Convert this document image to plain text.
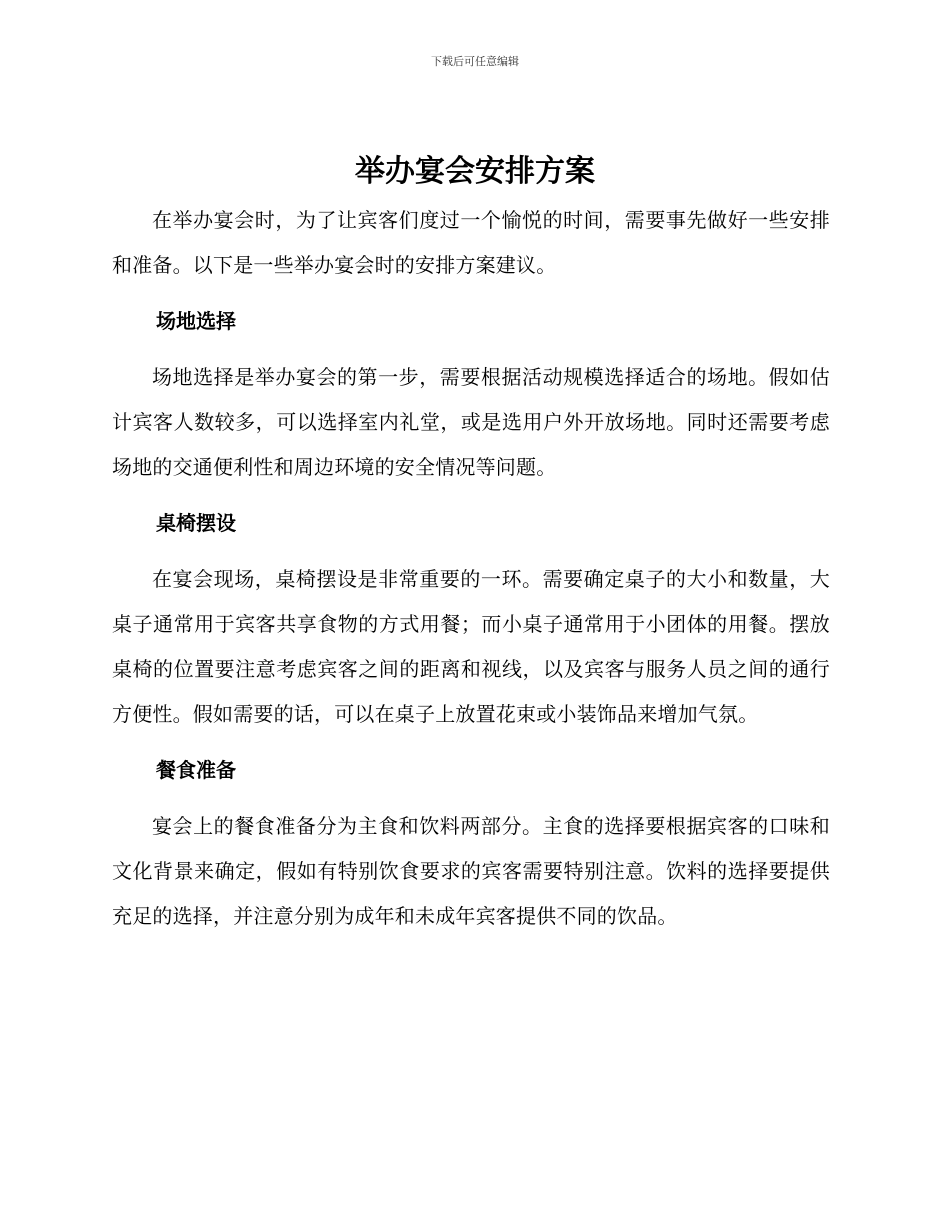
下载后可任意编辑
举办宴会安排方案

在举办宴会时，为了让宾客们度过一个愉悦的时间，需要事先做好一些安排和准备。以下是一些举办宴会时的安排方案建议。

场地选择

场地选择是举办宴会的第一步，需要根据活动规模选择适合的场地。假如估计宾客人数较多，可以选择室内礼堂，或是选用户外开放场地。同时还需要考虑场地的交通便利性和周边环境的安全情况等问题。

桌椅摆设

在宴会现场，桌椅摆设是非常重要的一环。需要确定桌子的大小和数量，大桌子通常用于宾客共享食物的方式用餐；而小桌子通常用于小团体的用餐。摆放桌椅的位置要注意考虑宾客之间的距离和视线，以及宾客与服务人员之间的通行方便性。假如需要的话，可以在桌子上放置花束或小装饰品来增加气氛。

餐食准备

宴会上的餐食准备分为主食和饮料两部分。主食的选择要根据宾客的口味和文化背景来确定，假如有特别饮食要求的宾客需要特别注意。饮料的选择要提供充足的选择，并注意分别为成年和未成年宾客提供不同的饮品。
